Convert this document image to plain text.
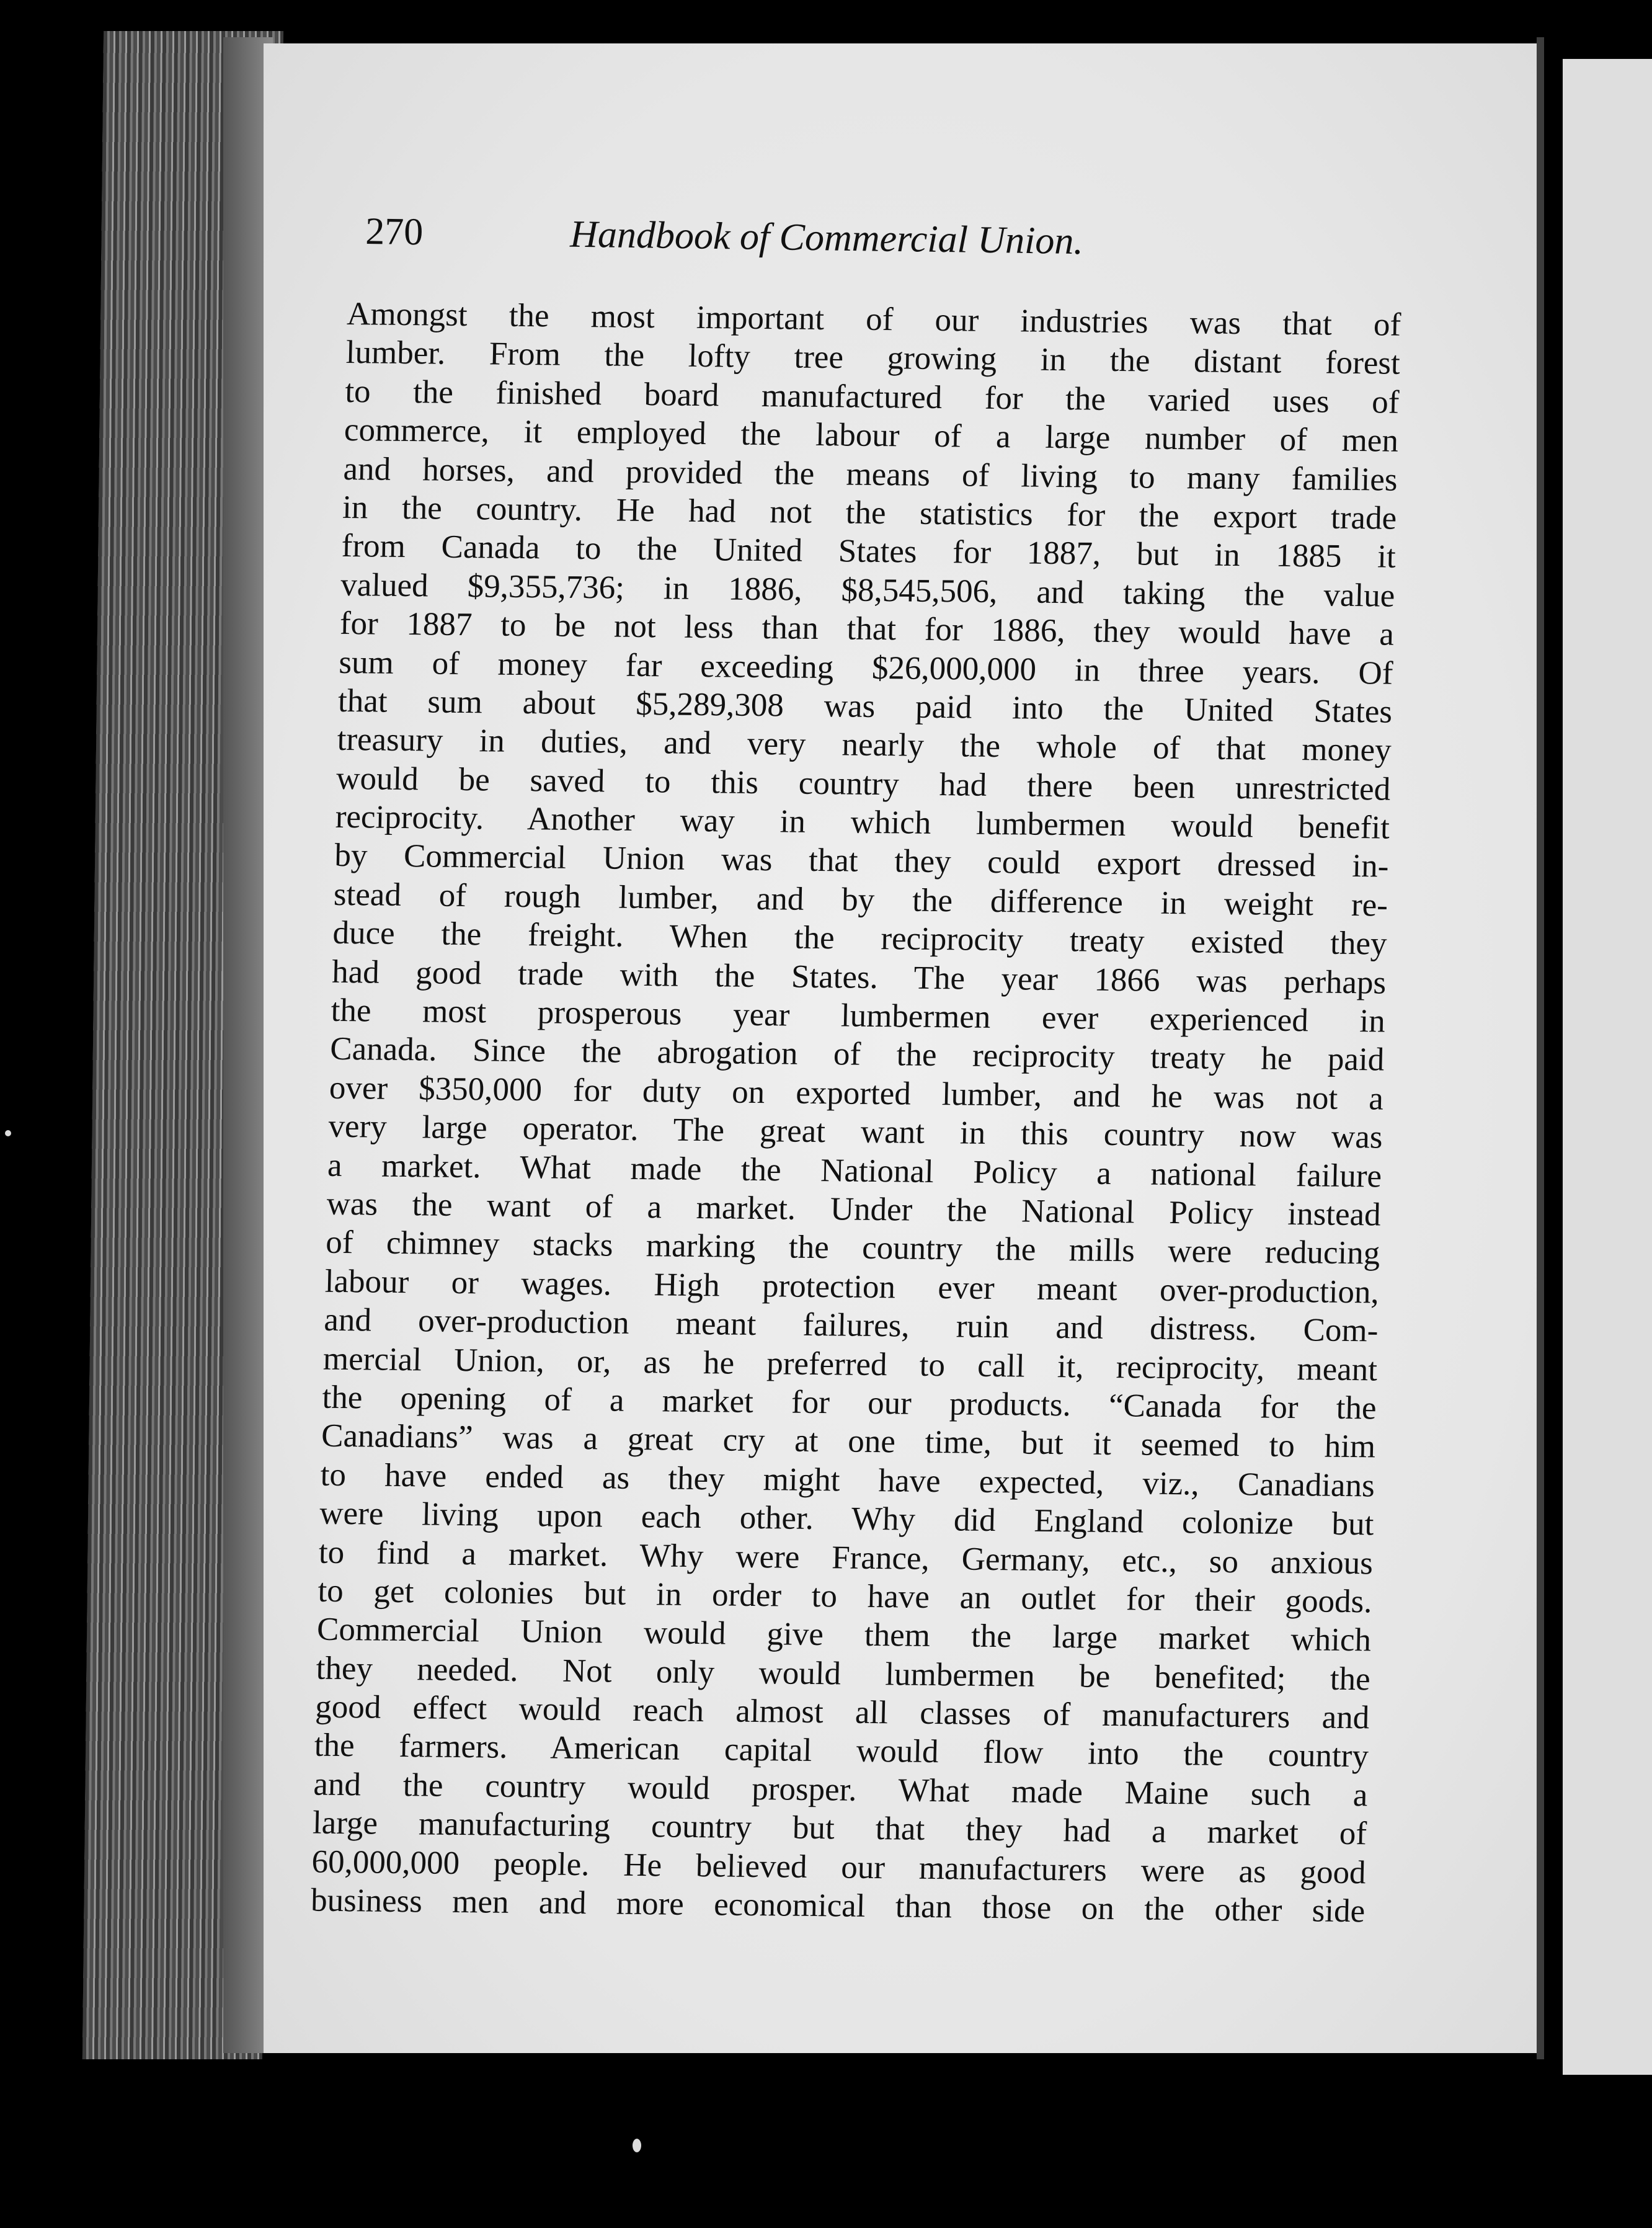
270	Handbook of Commercial Union.
Amongst the most important of our industries was that of
lumber. From the lofty tree growing in the distant forest
to the finished board manufactured for the varied uses of
commerce, it employed the labour of a large number of men
and horses, and provided the means of living to many families
in the country. He had not the statistics for the export trade
from Canada to the United States for 1887, but in 1885 it
valued $9,355,736; in 1886, $8,545,506, and taking the value
for 1887 to be not less than that for 1886, they would have a
sum of money far exceeding $26,000,000 in three years. Of
that sum about $5,289,308 was paid into the United States
treasury in duties, and very nearly the whole of that money
would be saved to this country had there been unrestricted
reciprocity. Another way in which lumbermen would benefit
by Commercial Union was that they could export dressed in-
stead of rough lumber, and by the difference in weight re-
duce the freight. When the reciprocity treaty existed they
had good trade with the States. The year 1866 was perhaps
the most prosperous year lumbermen ever experienced in
Canada. Since the abrogation of the reciprocity treaty he paid
over $350,000 for duty on exported lumber, and he was not a
very large operator. The great want in this country now was
a market. What made the National Policy a national failure
was the want of a market. Under the National Policy instead
of chimney stacks marking the country the mills were reducing
labour or wages. High protection ever meant over-production,
and over-production meant failures, ruin and distress. Com-
mercial Union, or, as he preferred to call it, reciprocity, meant
the opening of a market for our products. “Canada for the
Canadians” was a great cry at one time, but it seemed to him
to have ended as they might have expected, viz., Canadians
were living upon each other. Why did England colonize but
to find a market. Why were France, Germany, etc., so anxious
to get colonies but in order to have an outlet for their goods.
Commercial Union would give them the large market which
they needed. Not only would lumbermen be benefited; the
good effect would reach almost all classes of manufacturers and
the farmers. American capital would flow into the country
and the country would prosper. What made Maine such a
large manufacturing country but that they had a market of
60,000,000 people. He believed our manufacturers were as good
business men and more economical than those on the other side
